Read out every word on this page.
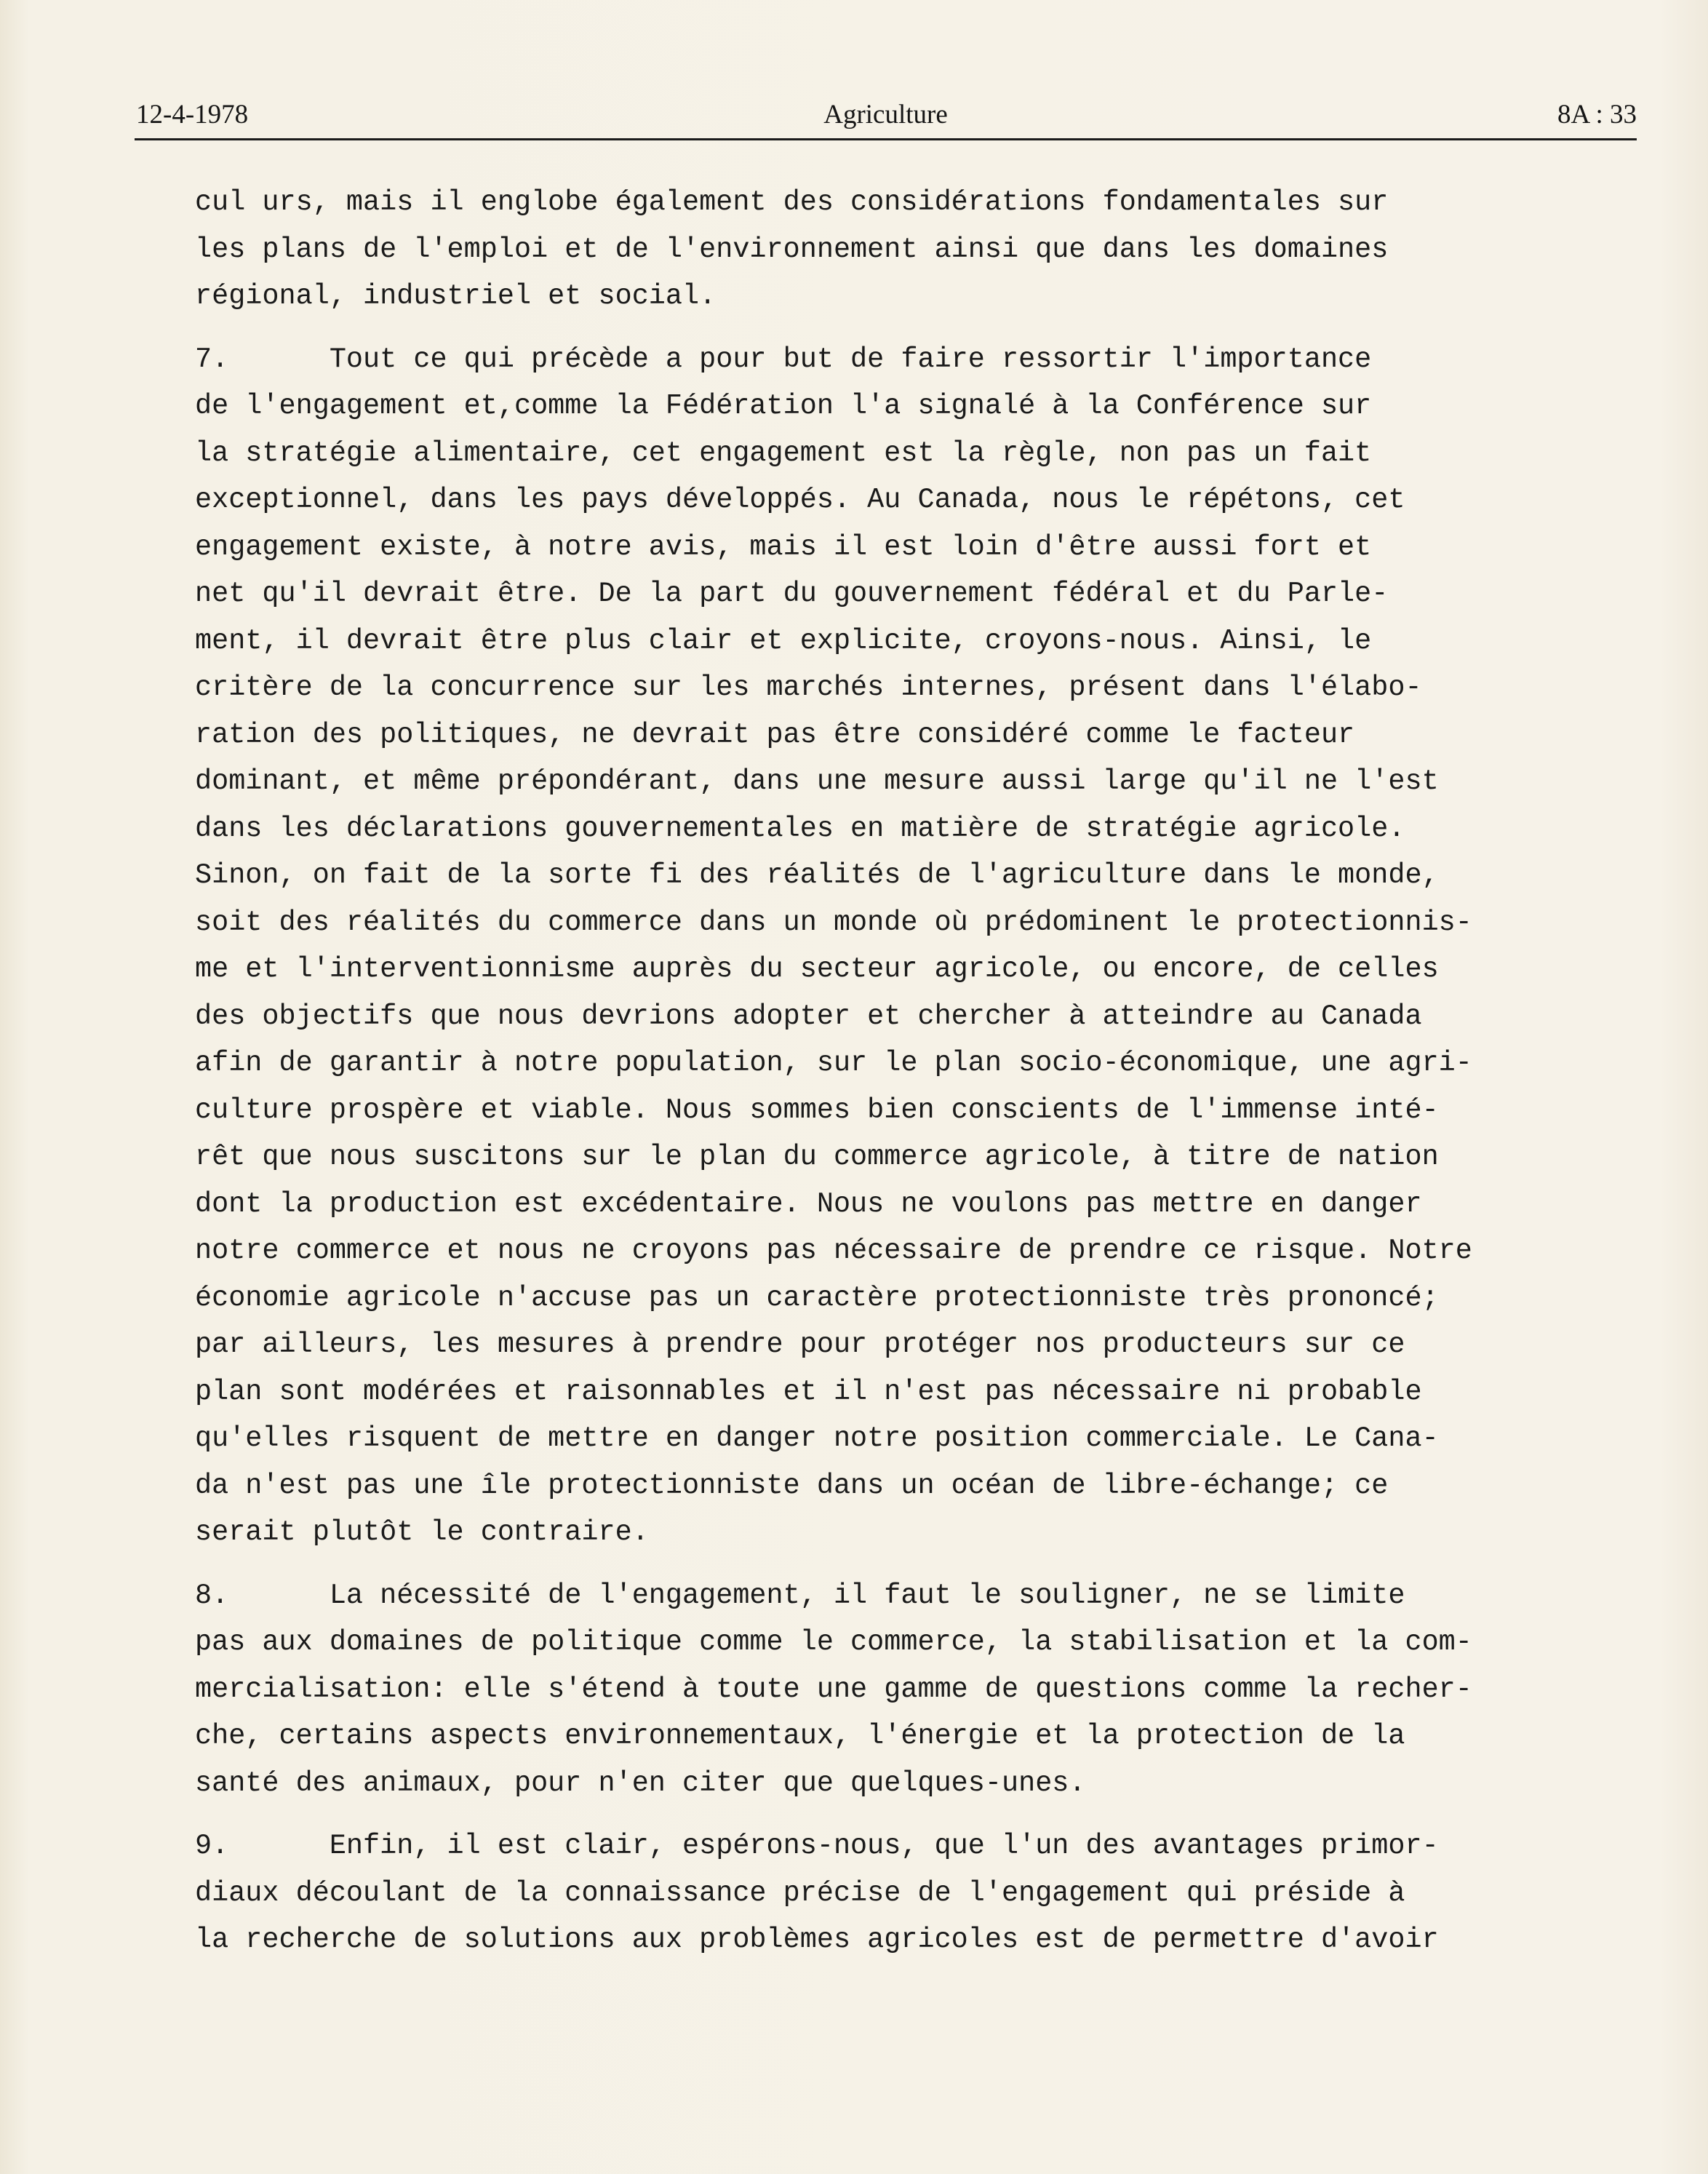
12-4-1978	Agriculture	8A : 33
cul urs, mais il englobe également des considérations fondamentales sur
les plans de l'emploi et de l'environnement ainsi que dans les domaines
régional, industriel et social.
7.      Tout ce qui précède a pour but de faire ressortir l'importance
de l'engagement et,comme la Fédération l'a signalé à la Conférence sur
la stratégie alimentaire, cet engagement est la règle, non pas un fait
exceptionnel, dans les pays développés. Au Canada, nous le répétons, cet
engagement existe, à notre avis, mais il est loin d'être aussi fort et
net qu'il devrait être. De la part du gouvernement fédéral et du Parle-
ment, il devrait être plus clair et explicite, croyons-nous. Ainsi, le
critère de la concurrence sur les marchés internes, présent dans l'élabo-
ration des politiques, ne devrait pas être considéré comme le facteur
dominant, et même prépondérant, dans une mesure aussi large qu'il ne l'est
dans les déclarations gouvernementales en matière de stratégie agricole.
Sinon, on fait de la sorte fi des réalités de l'agriculture dans le monde,
soit des réalités du commerce dans un monde où prédominent le protectionnis-
me et l'interventionnisme auprès du secteur agricole, ou encore, de celles
des objectifs que nous devrions adopter et chercher à atteindre au Canada
afin de garantir à notre population, sur le plan socio-économique, une agri-
culture prospère et viable. Nous sommes bien conscients de l'immense inté-
rêt que nous suscitons sur le plan du commerce agricole, à titre de nation
dont la production est excédentaire. Nous ne voulons pas mettre en danger
notre commerce et nous ne croyons pas nécessaire de prendre ce risque. Notre
économie agricole n'accuse pas un caractère protectionniste très prononcé;
par ailleurs, les mesures à prendre pour protéger nos producteurs sur ce
plan sont modérées et raisonnables et il n'est pas nécessaire ni probable
qu'elles risquent de mettre en danger notre position commerciale. Le Cana-
da n'est pas une île protectionniste dans un océan de libre-échange; ce
serait plutôt le contraire.
8.      La nécessité de l'engagement, il faut le souligner, ne se limite
pas aux domaines de politique comme le commerce, la stabilisation et la com-
mercialisation: elle s'étend à toute une gamme de questions comme la recher-
che, certains aspects environnementaux, l'énergie et la protection de la
santé des animaux, pour n'en citer que quelques-unes.
9.      Enfin, il est clair, espérons-nous, que l'un des avantages primor-
diaux découlant de la connaissance précise de l'engagement qui préside à
la recherche de solutions aux problèmes agricoles est de permettre d'avoir
